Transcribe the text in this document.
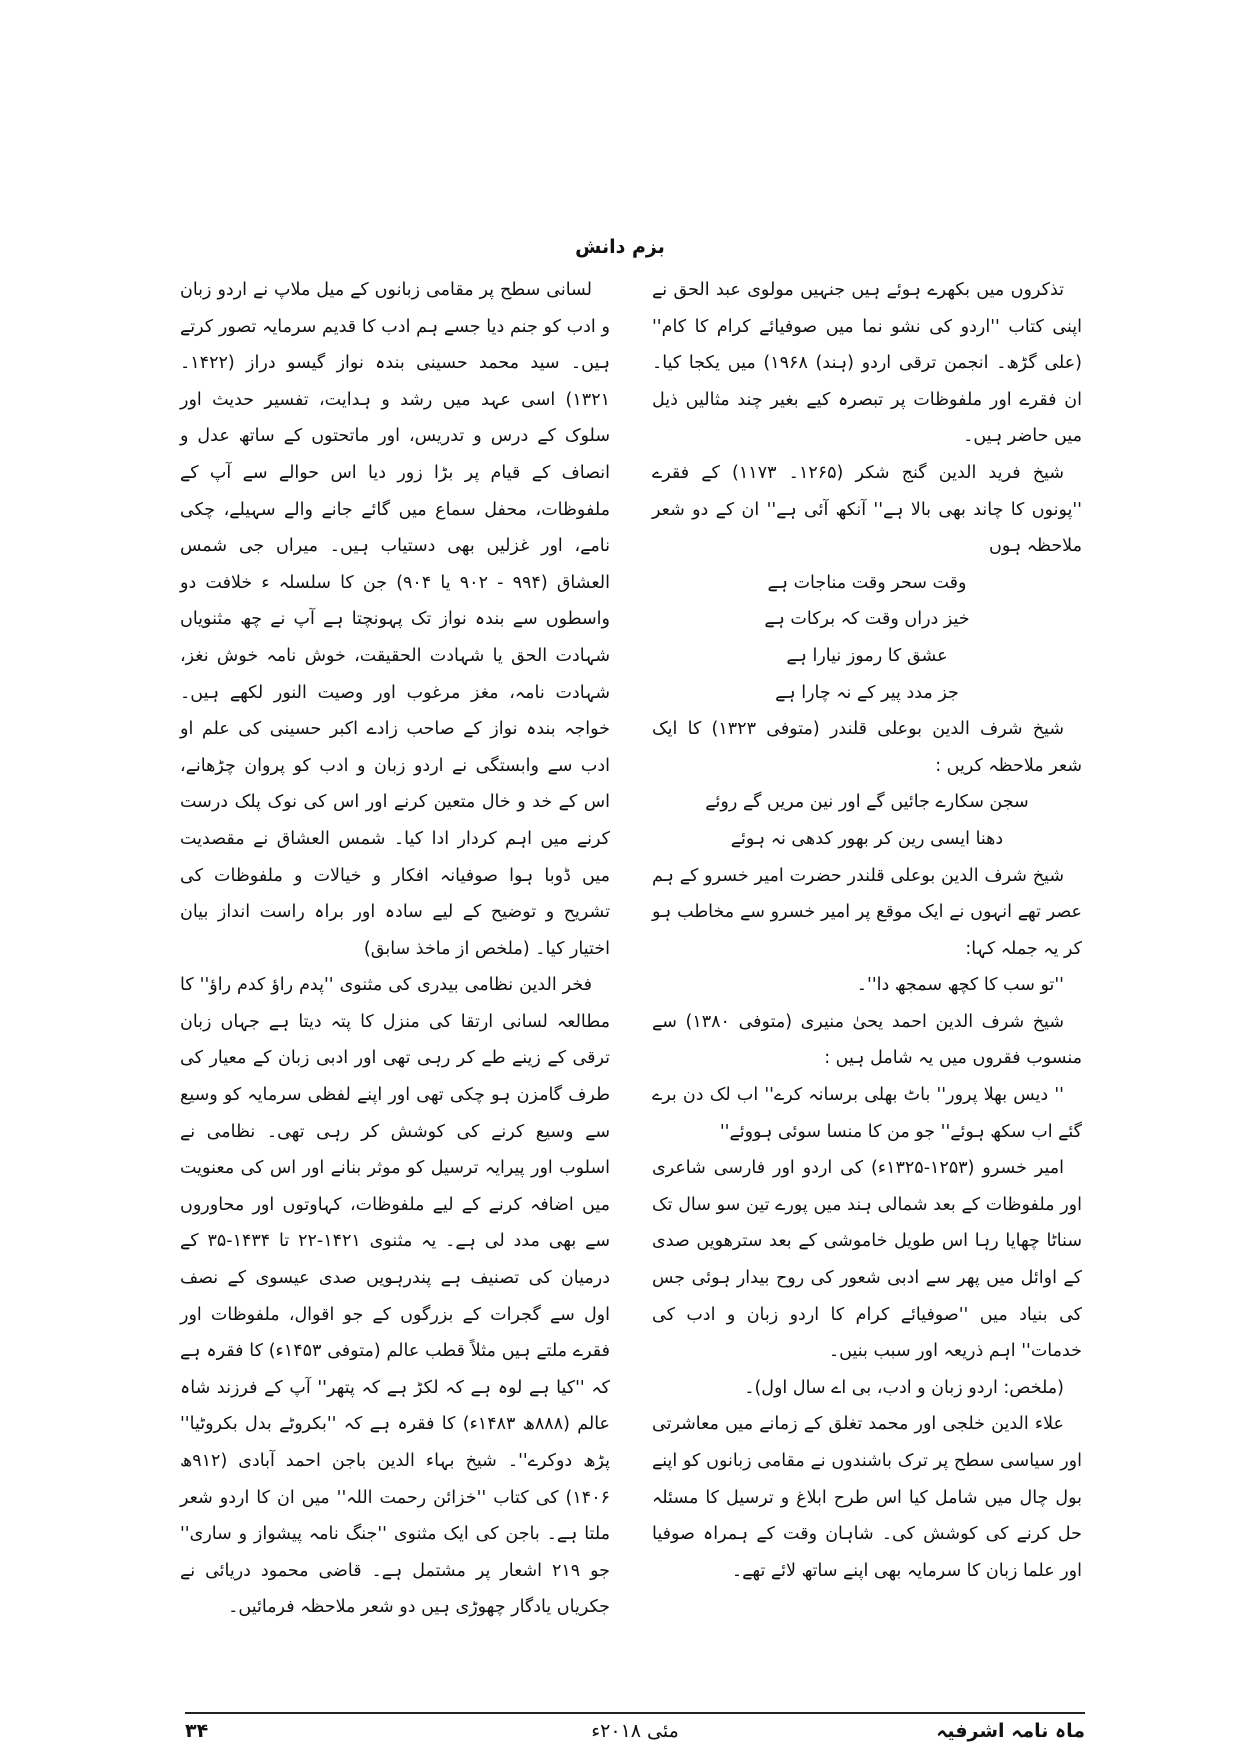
بزم دانش

تذکروں میں بکھرے ہوئے ہیں جنہیں مولوی عبد الحق نے اپنی کتاب ''اردو کی نشو نما میں صوفیائے کرام کا کام'' (علی گڑھ۔ انجمن ترقی اردو (ہند) ۱۹۶۸) میں یکجا کیا۔ ان فقرے اور ملفوظات پر تبصرہ کیے بغیر چند مثالیں ذیل میں حاضر ہیں۔

شیخ فرید الدین گنج شکر (۱۲۶۵۔ ۱۱۷۳) کے فقرے ''پونوں کا چاند بھی بالا ہے'' آنکھ آئی ہے'' ان کے دو شعر ملاحظہ ہوں

وقت سحر وقت مناجات ہے

خیز دراں وقت کہ برکات ہے

عشق کا رموز نیارا ہے

جز مدد پیر کے نہ چارا ہے

شیخ شرف الدین بوعلی قلندر (متوفی ۱۳۲۳) کا ایک شعر ملاحظہ کریں :

سجن سکارے جائیں گے اور نین مریں گے روئے

دھنا ایسی رین کر بھور کدھی نہ ہوئے

شیخ شرف الدین بوعلی قلندر حضرت امیر خسرو کے ہم عصر تھے انہوں نے ایک موقع پر امیر خسرو سے مخاطب ہو کر یہ جملہ کہا:

''تو سب کا کچھ سمجھ دا''۔

شیخ شرف الدین احمد یحیٰ منیری (متوفی ۱۳۸۰) سے منسوب فقروں میں یہ شامل ہیں :

'' دیس بھلا پرور'' باٹ بھلی برسانہ کرے'' اب لک دن برے گئے اب سکھ ہوئے'' جو من کا منسا سوئی ہووئے''

امیر خسرو (۱۲۵۳-۱۳۲۵ء) کی اردو اور فارسی شاعری اور ملفوظات کے بعد شمالی ہند میں پورے تین سو سال تک سناٹا چھایا رہا اس طویل خاموشی کے بعد سترھویں صدی کے اوائل میں پھر سے ادبی شعور کی روح بیدار ہوئی جس کی بنیاد میں ''صوفیائے کرام کا اردو زبان و ادب کی خدمات'' اہم ذریعہ اور سبب بنیں۔

(ملخص: اردو زبان و ادب، بی اے سال اول)۔

علاء الدین خلجی اور محمد تغلق کے زمانے میں معاشرتی اور سیاسی سطح پر ترک باشندوں نے مقامی زبانوں کو اپنے بول چال میں شامل کیا اس طرح ابلاغ و ترسیل کا مسئلہ حل کرنے کی کوشش کی۔ شاہان وقت کے ہمراہ صوفیا اور علما زبان کا سرمایہ بھی اپنے ساتھ لائے تھے۔

لسانی سطح پر مقامی زبانوں کے میل ملاپ نے اردو زبان و ادب کو جنم دیا جسے ہم ادب کا قدیم سرمایہ تصور کرتے ہیں۔ سید محمد حسینی بندہ نواز گیسو دراز (۱۴۲۲۔ ۱۳۲۱) اسی عہد میں رشد و ہدایت، تفسیر حدیث اور سلوک کے درس و تدریس، اور ماتحتوں کے ساتھ عدل و انصاف کے قیام پر بڑا زور دیا اس حوالے سے آپ کے ملفوظات، محفل سماع میں گائے جانے والے سہیلے، چکی نامے، اور غزلیں بھی دستیاب ہیں۔ میراں جی شمس العشاق (۹۹۴ - ۹۰۲ یا ۹۰۴) جن کا سلسلہ ء خلافت دو واسطوں سے بندہ نواز تک پہونچتا ہے آپ نے چھ مثنویاں شہادت الحق یا شہادت الحقیقت، خوش نامہ خوش نغز، شہادت نامہ، مغز مرغوب اور وصیت النور لکھے ہیں۔ خواجہ بندہ نواز کے صاحب زادے اکبر حسینی کی علم او ادب سے وابستگی نے اردو زبان و ادب کو پروان چڑھانے، اس کے خد و خال متعین کرنے اور اس کی نوک پلک درست کرنے میں اہم کردار ادا کیا۔ شمس العشاق نے مقصدیت میں ڈوبا ہوا صوفیانہ افکار و خیالات و ملفوظات کی تشریح و توضیح کے لیے سادہ اور براہ راست انداز بیان اختیار کیا۔ (ملخص از ماخذ سابق)

فخر الدین نظامی بیدری کی مثنوی ''پدم راؤ کدم راؤ'' کا مطالعہ لسانی ارتقا کی منزل کا پتہ دیتا ہے جہاں زبان ترقی کے زینے طے کر رہی تھی اور ادبی زبان کے معیار کی طرف گامزن ہو چکی تھی اور اپنے لفظی سرمایہ کو وسیع سے وسیع کرنے کی کوشش کر رہی تھی۔ نظامی نے اسلوب اور پیرایہ ترسیل کو موثر بنانے اور اس کی معنویت میں اضافہ کرنے کے لیے ملفوظات، کہاوتوں اور محاوروں سے بھی مدد لی ہے۔ یہ مثنوی ۱۴۲۱-۲۲ تا ۱۴۳۴-۳۵ کے درمیان کی تصنیف ہے پندرہویں صدی عیسوی کے نصف اول سے گجرات کے بزرگوں کے جو اقوال، ملفوظات اور فقرے ملتے ہیں مثلاً قطب عالم (متوفی ۱۴۵۳ء) کا فقرہ ہے کہ ''کیا ہے لوہ ہے کہ لکڑ ہے کہ پتھر'' آپ کے فرزند شاہ عالم (۸۸۸ھ ۱۴۸۳ء) کا فقرہ ہے کہ ''بکروٹے بدل بکروٹیا'' پڑھ دوکرے''۔ شیخ بہاء الدین باجن احمد آبادی (۹۱۲ھ ۱۴۰۶) کی کتاب ''خزائن رحمت اللہ'' میں ان کا اردو شعر ملتا ہے۔ باجن کی ایک مثنوی ''جنگ نامہ پیشواز و ساری'' جو ۲۱۹ اشعار پر مشتمل ہے۔ قاضی محمود دریائی نے جکریاں یادگار چھوڑی ہیں دو شعر ملاحظہ فرمائیں۔

ماہ نامہ اشرفیہ
مئی ۲۰۱۸ء
۳۴
